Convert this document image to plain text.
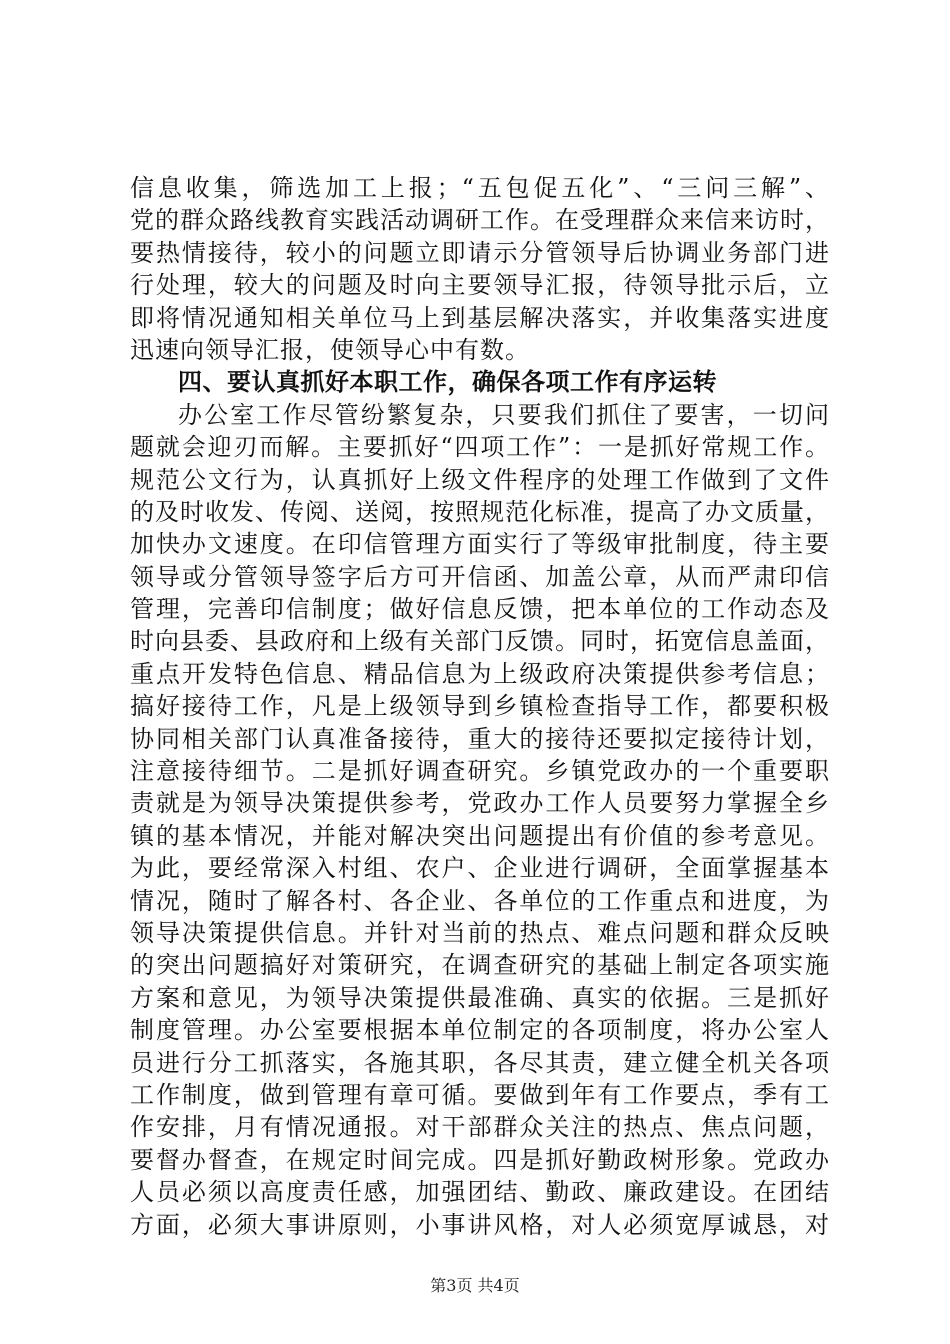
信息收集，筛选加工上报；“五包促五化”、“三问三解”、
党的群众路线教育实践活动调研工作。在受理群众来信来访时，
要热情接待，较小的问题立即请示分管领导后协调业务部门进
行处理，较大的问题及时向主要领导汇报，待领导批示后，立
即将情况通知相关单位马上到基层解决落实，并收集落实进度
迅速向领导汇报，使领导心中有数。
四、要认真抓好本职工作，确保各项工作有序运转
办公室工作尽管纷繁复杂，只要我们抓住了要害，一切问
题就会迎刃而解。主要抓好“四项工作”：一是抓好常规工作。
规范公文行为，认真抓好上级文件程序的处理工作做到了文件
的及时收发、传阅、送阅，按照规范化标准，提高了办文质量，
加快办文速度。在印信管理方面实行了等级审批制度，待主要
领导或分管领导签字后方可开信函、加盖公章，从而严肃印信
管理，完善印信制度；做好信息反馈，把本单位的工作动态及
时向县委、县政府和上级有关部门反馈。同时，拓宽信息盖面，
重点开发特色信息、精品信息为上级政府决策提供参考信息；
搞好接待工作，凡是上级领导到乡镇检查指导工作，都要积极
协同相关部门认真准备接待，重大的接待还要拟定接待计划，
注意接待细节。二是抓好调查研究。乡镇党政办的一个重要职
责就是为领导决策提供参考，党政办工作人员要努力掌握全乡
镇的基本情况，并能对解决突出问题提出有价值的参考意见。
为此，要经常深入村组、农户、企业进行调研，全面掌握基本
情况，随时了解各村、各企业、各单位的工作重点和进度，为
领导决策提供信息。并针对当前的热点、难点问题和群众反映
的突出问题搞好对策研究，在调查研究的基础上制定各项实施
方案和意见，为领导决策提供最准确、真实的依据。三是抓好
制度管理。办公室要根据本单位制定的各项制度，将办公室人
员进行分工抓落实，各施其职，各尽其责，建立健全机关各项
工作制度，做到管理有章可循。要做到年有工作要点，季有工
作安排，月有情况通报。对干部群众关注的热点、焦点问题，
要督办督查，在规定时间完成。四是抓好勤政树形象。党政办
人员必须以高度责任感，加强团结、勤政、廉政建设。在团结
方面，必须大事讲原则，小事讲风格，对人必须宽厚诚恳，对
第3页 共4页
